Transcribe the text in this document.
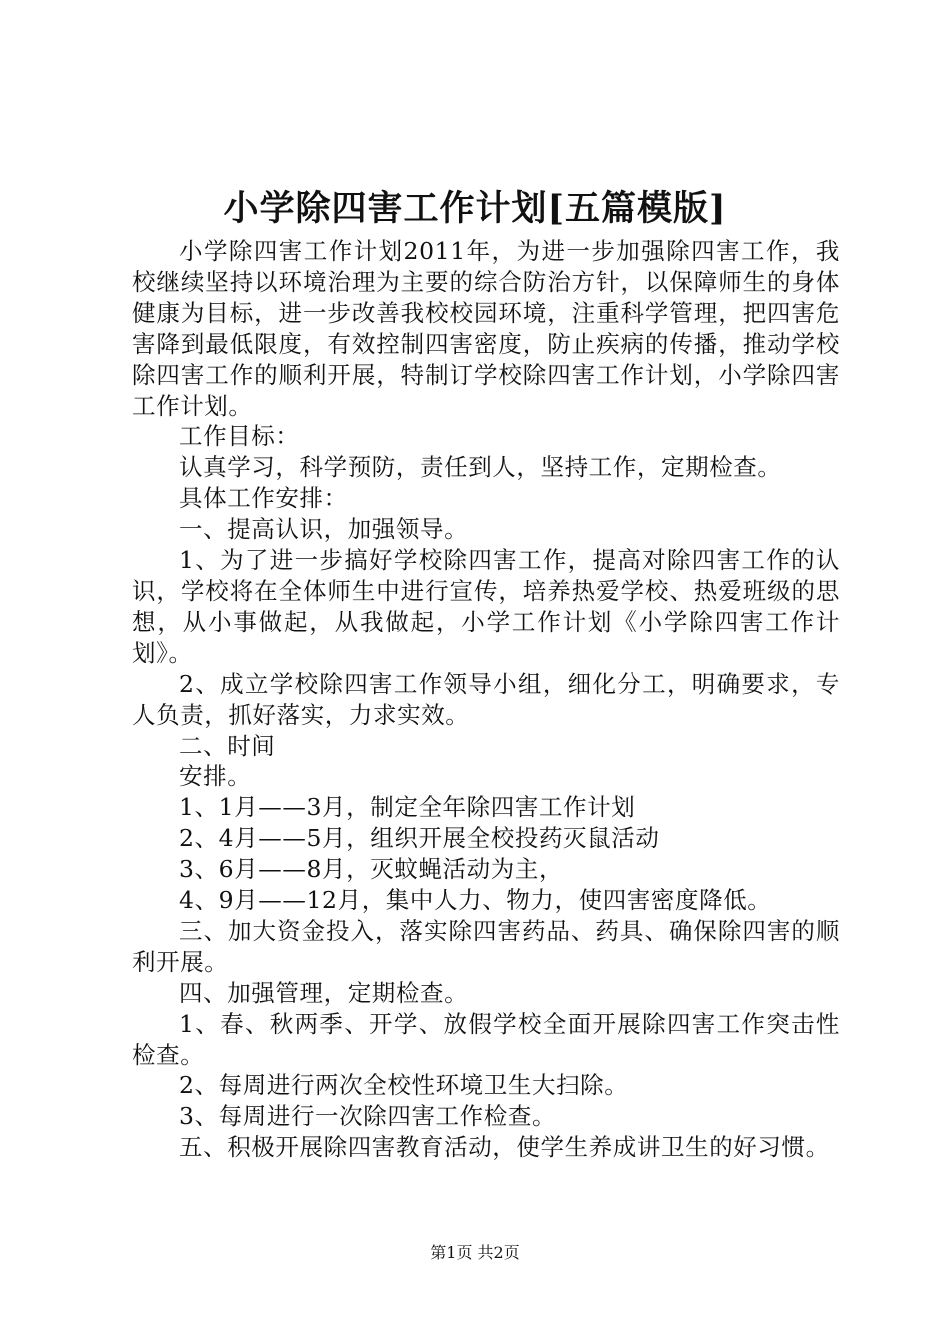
小学除四害工作计划[五篇模版]

小学除四害工作计划2011年，为进一步加强除四害工作，我校继续坚持以环境治理为主要的综合防治方针，以保障师生的身体健康为目标，进一步改善我校校园环境，注重科学管理，把四害危害降到最低限度，有效控制四害密度，防止疾病的传播，推动学校除四害工作的顺利开展，特制订学校除四害工作计划，小学除四害工作计划。

工作目标：

认真学习，科学预防，责任到人，坚持工作，定期检查。

具体工作安排：

一、提高认识，加强领导。

1、为了进一步搞好学校除四害工作，提高对除四害工作的认识，学校将在全体师生中进行宣传，培养热爱学校、热爱班级的思想，从小事做起，从我做起，小学工作计划《小学除四害工作计划》。

2、成立学校除四害工作领导小组，细化分工，明确要求，专人负责，抓好落实，力求实效。

二、时间

安排。

1、1月——3月，制定全年除四害工作计划

2、4月——5月，组织开展全校投药灭鼠活动

3、6月——8月，灭蚊蝇活动为主，

4、9月——12月，集中人力、物力，使四害密度降低。

三、加大资金投入，落实除四害药品、药具、确保除四害的顺利开展。

四、加强管理，定期检查。

1、春、秋两季、开学、放假学校全面开展除四害工作突击性检查。

2、每周进行两次全校性环境卫生大扫除。

3、每周进行一次除四害工作检查。

五、积极开展除四害教育活动，使学生养成讲卫生的好习惯。

第1页 共2页
